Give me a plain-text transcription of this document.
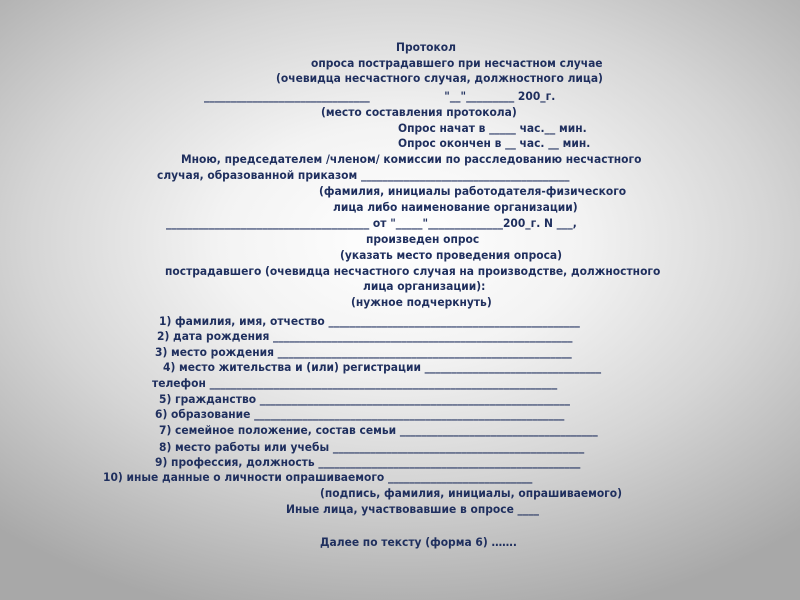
Протокол
опроса пострадавшего при несчастном случае
(очевидца несчастного случая, должностного лица)
_______________________________                    "__"_________ 200_г.
(место составления протокола)
Опрос начат в _____ час.__ мин.
Опрос окончен в __ час. __ мин.
Мною, председателем /членом/ комиссии по расследованию несчастного
случая, образованной приказом _______________________________________
(фамилия, инициалы работодателя-физического
лица либо наименование организации)
______________________________________ от "_____"______________200_г. N ___,
произведен опрос
(указать место проведения опроса)
пострадавшего (очевидца несчастного случая на производстве, должностного
лица организации):
(нужное подчеркнуть)
1) фамилия, имя, отчество _______________________________________________
2) дата рождения ________________________________________________________
3) место рождения _______________________________________________________
4) место жительства и (или) регистрации _________________________________
телефон _________________________________________________________________
5) гражданство __________________________________________________________
6) образование __________________________________________________________
7) семейное положение, состав семьи _____________________________________
8) место работы или учебы _______________________________________________
9) профессия, должность _________________________________________________
10) иные данные о личности опрашиваемого ___________________________
(подпись, фамилия, инициалы, опрашиваемого)
Иные лица, участвовавшие в опросе ____
Далее по тексту (форма 6) …….
